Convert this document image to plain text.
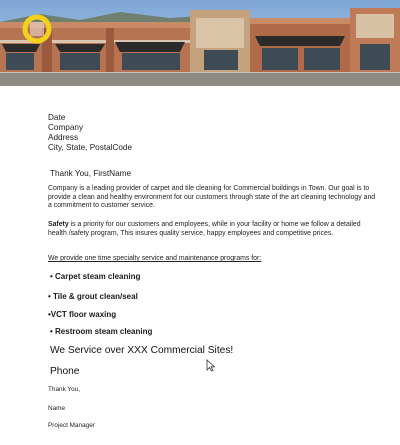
Date
Company
Address
City, State, PostalCode
Thank You, FirstName
Company is a leading provider of carpet and tile cleaning for Commercial buildings in Town. Our goal is to provide a clean and healthy environment for our customers through state of the art cleaning technology and a commitment to customer service.
Safety is a priority for our customers and employees, while in your facility or home we follow a detailed health /safety program, This insures quality service, happy employees and competitive prices.
We provide one time specialty service and maintenance programs for:
• Carpet steam cleaning
• Tile & grout clean/seal
•VCT floor waxing
• Restroom steam cleaning
We Service over XXX Commercial Sites!
Phone
Thank You,
Name
Project Manager
